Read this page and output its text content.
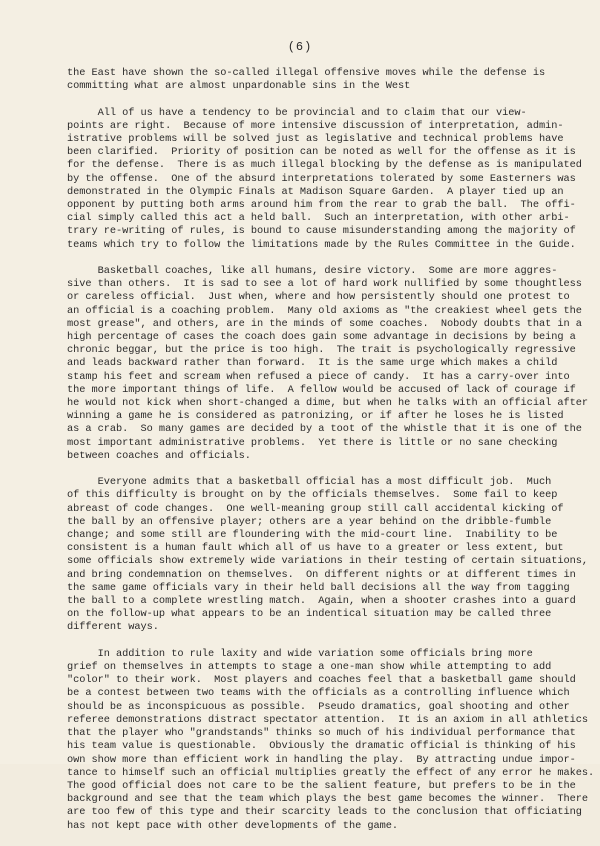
(6)
the East have shown the so-called illegal offensive moves while the defense is
committing what are almost unpardonable sins in the West
All of us have a tendency to be provincial and to claim that our view-
points are right.  Because of more intensive discussion of interpretation, admin-
istrative problems will be solved just as legislative and technical problems have
been clarified.  Priority of position can be noted as well for the offense as it is
for the defense.  There is as much illegal blocking by the defense as is manipulated
by the offense.  One of the absurd interpretations tolerated by some Easterners was
demonstrated in the Olympic Finals at Madison Square Garden.  A player tied up an
opponent by putting both arms around him from the rear to grab the ball.  The offi-
cial simply called this act a held ball.  Such an interpretation, with other arbi-
trary re-writing of rules, is bound to cause misunderstanding among the majority of
teams which try to follow the limitations made by the Rules Committee in the Guide.
Basketball coaches, like all humans, desire victory.  Some are more aggres-
sive than others.  It is sad to see a lot of hard work nullified by some thoughtless
or careless official.  Just when, where and how persistently should one protest to
an official is a coaching problem.  Many old axioms as "the creakiest wheel gets the
most grease", and others, are in the minds of some coaches.  Nobody doubts that in a
high percentage of cases the coach does gain some advantage in decisions by being a
chronic beggar, but the price is too high.  The trait is psychologically regressive
and leads backward rather than forward.  It is the same urge which makes a child
stamp his feet and scream when refused a piece of candy.  It has a carry-over into
the more important things of life.  A fellow would be accused of lack of courage if
he would not kick when short-changed a dime, but when he talks with an official after
winning a game he is considered as patronizing, or if after he loses he is listed
as a crab.  So many games are decided by a toot of the whistle that it is one of the
most important administrative problems.  Yet there is little or no sane checking
between coaches and officials.
Everyone admits that a basketball official has a most difficult job.  Much
of this difficulty is brought on by the officials themselves.  Some fail to keep
abreast of code changes.  One well-meaning group still call accidental kicking of
the ball by an offensive player; others are a year behind on the dribble-fumble
change; and some still are floundering with the mid-court line.  Inability to be
consistent is a human fault which all of us have to a greater or less extent, but
some officials show extremely wide variations in their testing of certain situations,
and bring condemnation on themselves.  On different nights or at different times in
the same game officials vary in their held ball decisions all the way from tagging
the ball to a complete wrestling match.  Again, when a shooter crashes into a guard
on the follow-up what appears to be an indentical situation may be called three
different ways.
In addition to rule laxity and wide variation some officials bring more
grief on themselves in attempts to stage a one-man show while attempting to add
"color" to their work.  Most players and coaches feel that a basketball game should
be a contest between two teams with the officials as a controlling influence which
should be as inconspicuous as possible.  Pseudo dramatics, goal shooting and other
referee demonstrations distract spectator attention.  It is an axiom in all athletics
that the player who "grandstands" thinks so much of his individual performance that
his team value is questionable.  Obviously the dramatic official is thinking of his
own show more than efficient work in handling the play.  By attracting undue impor-
tance to himself such an official multiplies greatly the effect of any error he makes.
The good official does not care to be the salient feature, but prefers to be in the
background and see that the team which plays the best game becomes the winner.  There
are too few of this type and their scarcity leads to the conclusion that officiating
has not kept pace with other developments of the game.
